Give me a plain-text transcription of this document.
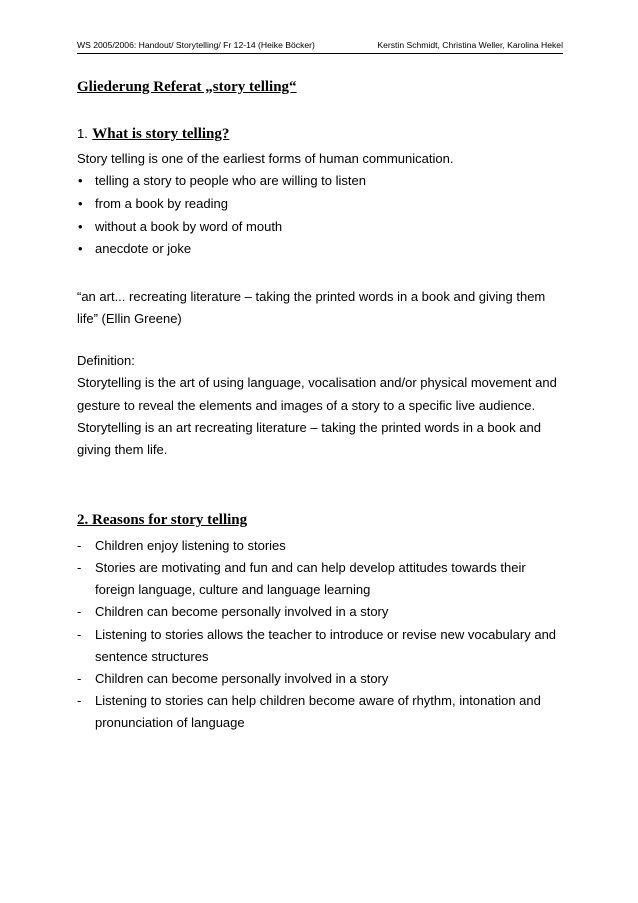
WS 2005/2006: Handout/ Storytelling/ Fr 12-14 (Heike Böcker)	Kerstin Schmidt, Christina Weller, Karolina Hekel
Gliederung Referat „story telling“
1. What is story telling?
Story telling is one of the earliest forms of human communication.
• telling a story to people who are willing to listen
• from a book by reading
• without a book by word of mouth
• anecdote or joke
“an art... recreating literature – taking the printed words in a book and giving them
life” (Ellin Greene)
Definition:
Storytelling is the art of using language, vocalisation and/or physical movement and
gesture to reveal the elements and images of a story to a specific live audience.
Storytelling is an art recreating literature – taking the printed words in a book and
giving them life.
2. Reasons for story telling
- Children enjoy listening to stories
- Stories are motivating and fun and can help develop attitudes towards their
foreign language, culture and language learning
- Children can become personally involved in a story
- Listening to stories allows the teacher to introduce or revise new vocabulary and
sentence structures
- Children can become personally involved in a story
- Listening to stories can help children become aware of rhythm, intonation and
pronunciation of language
